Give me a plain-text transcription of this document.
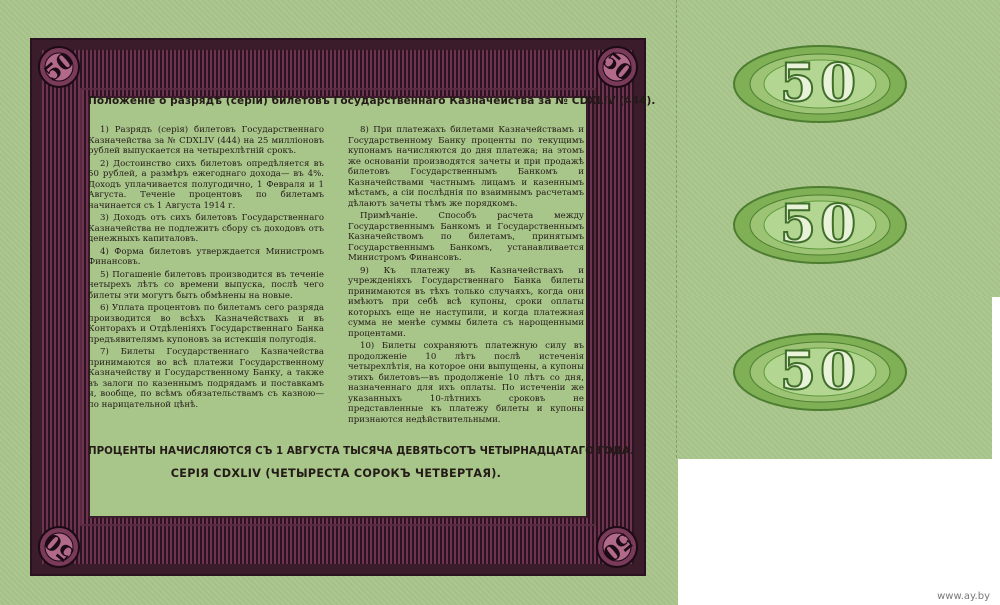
50	50
50	50
Положенiе о разрядѣ (серiи) билетовъ Государственнаго Казначейства за № CDXLIV (444).

1) Разрядъ (серiя) билетовъ Государственнаго Казначейства за № CDXLIV (444) на 25 миллiоновъ рублей выпускается на четырехлѣтнiй срокъ.

2) Достоинство сихъ билетовъ опредѣляется въ 50 рублей, а размѣръ ежегоднаго дохода— въ 4%. Доходъ уплачивается полугодично, 1 Февраля и 1 Августа. Теченiе процентовъ по билетамъ начинается съ 1 Августа 1914 г.

3) Доходъ отъ сихъ билетовъ Государственнаго Казначейства не подлежитъ сбору съ доходовъ отъ денежныхъ капиталовъ.

4) Форма билетовъ утверждается Министромъ Финансовъ.

5) Погашенiе билетовъ производится въ теченiе четырехъ лѣтъ со времени выпуска, послѣ чего билеты эти могутъ быть обмѣнены на новые.

6) Уплата процентовъ по билетамъ сего разряда производится во всѣхъ Казначействахъ и въ Конторахъ и Отдѣленiяхъ Государственнаго Банка предъявителямъ купоновъ за истекшiя полугодiя.

7) Билеты Государственнаго Казначейства принимаются во всѣ платежи Государственному Казначейству и Государственному Банку, а также въ залоги по казеннымъ подрядамъ и поставкамъ и, вообще, по всѣмъ обязательствамъ съ казною—по нарицательной цѣнѣ.

8) При платежахъ билетами Казначействамъ и Государственному Банку проценты по текущимъ купонамъ начисляются до дня платежа; на этомъ же основанiи производятся зачеты и при продажѣ билетовъ Государственнымъ Банкомъ и Казначействами частнымъ лицамъ и казеннымъ мѣстамъ, а сiи послѣднiя по взаимнымъ расчетамъ дѣлаютъ зачеты тѣмъ же порядкомъ.

Примѣчанiе. Способъ расчета между Государственнымъ Банкомъ и Государственнымъ Казначействомъ по билетамъ, принятымъ Государственнымъ Банкомъ, устанавливается Министромъ Финансовъ.

9) Къ платежу въ Казначействахъ и учрежденiяхъ Государственнаго Банка билеты принимаются въ тѣхъ только случаяхъ, когда они имѣютъ при себѣ всѣ купоны, сроки оплаты которыхъ еще не наступили, и когда платежная сумма не менѣе суммы билета съ нарощенными процентами.

10) Билеты сохраняютъ платежную силу въ продолженiе 10 лѣтъ послѣ истеченiя четырехлѣтiя, на которое они выпущены, а купоны этихъ билетовъ—въ продолженiе 10 лѣтъ со дня, назначеннаго для ихъ оплаты. По истеченiи же указанныхъ 10-лѣтнихъ сроковъ не представленные къ платежу билеты и купоны признаются недѣйствительными.

ПРОЦЕНТЫ НАЧИСЛЯЮТСЯ СЪ 1 АВГУСТА ТЫСЯЧА ДЕВЯТЬСОТЪ ЧЕТЫРНАДЦАТАГО ГОДА.
СЕРIЯ CDXLIV (ЧЕТЫРЕСТА СОРОКЪ ЧЕТВЕРТАЯ).
50
50
50
www.ay.by
